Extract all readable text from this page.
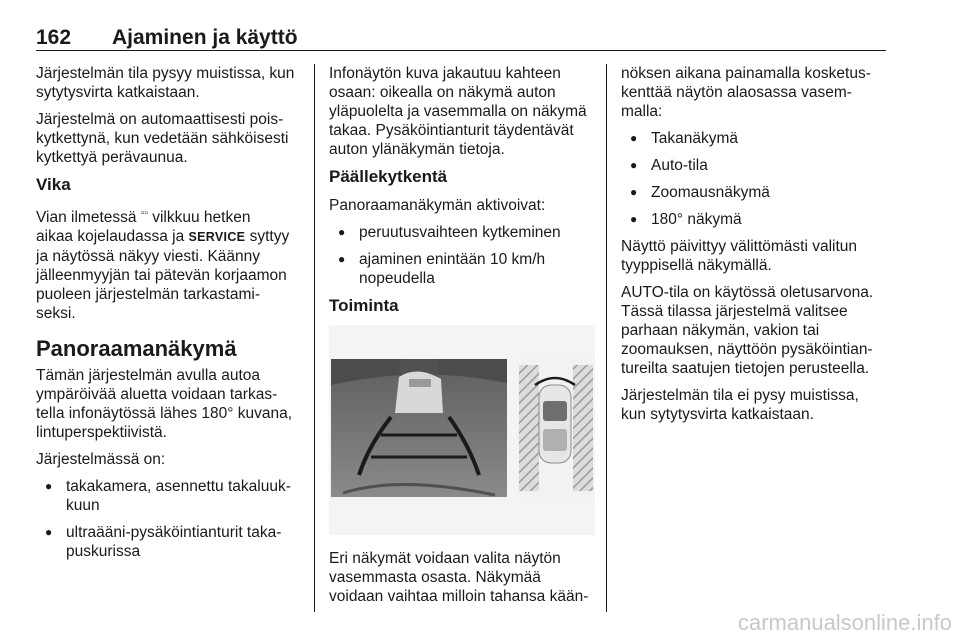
162 Ajaminen ja käyttö

Järjestelmän tila pysyy muistissa, kun
sytytysvirta katkaistaan.

Järjestelmä on automaattisesti pois-
kytkettynä, kun vedetään sähköisesti
kytkettyä perävaunua.

Vika

Vian ilmetessä ▫▫ vilkkuu hetken
aikaa kojelaudassa ja SERVICE syttyy
ja näytössä näkyy viesti. Käänny
jälleenmyyjän tai pätevän korjaamon
puoleen järjestelmän tarkastami-
seksi.

Panoraamanäkymä

Tämän järjestelmän avulla autoa
ympäröivää aluetta voidaan tarkas-
tella infonäytössä lähes 180° kuvana,
lintuperspektiivistä.

Järjestelmässä on:

● takakamera, asennettu takaluuk-
kuun
● ultraääni-pysäköintianturit taka-
puskurissa

Infonäytön kuva jakautuu kahteen
osaan: oikealla on näkymä auton
yläpuolelta ja vasemmalla on näkymä
takaa. Pysäköintianturit täydentävät
auton ylänäkymän tietoja.

Päällekytkentä

Panoraamanäkymän aktivoivat:

● peruutusvaihteen kytkeminen
● ajaminen enintään 10 km/h
nopeudella
Toiminta

Eri näkymät voidaan valita näytön
vasemmasta osasta. Näkymää
voidaan vaihtaa milloin tahansa kään-

nöksen aikana painamalla kosketus-
kenttää näytön alaosassa vasem-
malla:

● Takanäkymä
● Auto-tila
● Zoomausnäkymä
● 180° näkymä

Näyttö päivittyy välittömästi valitun
tyyppisellä näkymällä.

AUTO-tila on käytössä oletusarvona.
Tässä tilassa järjestelmä valitsee
parhaan näkymän, vakion tai
zoomauksen, näyttöön pysäköintian-
tureilta saatujen tietojen perusteella.

Järjestelmän tila ei pysy muistissa,
kun sytytysvirta katkaistaan.

carmanualsonline.info
